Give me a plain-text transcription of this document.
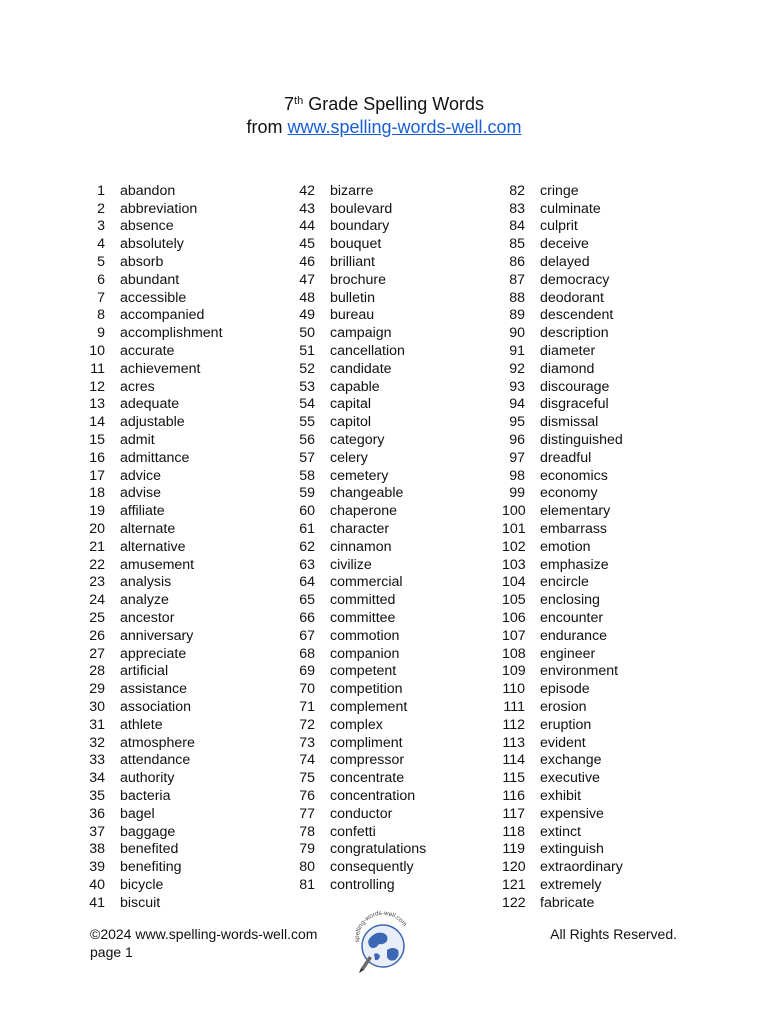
7th Grade Spelling Words
from www.spelling-words-well.com
1	abandon
2	abbreviation
3	absence
4	absolutely
5	absorb
6	abundant
7	accessible
8	accompanied
9	accomplishment
10	accurate
11	achievement
12	acres
13	adequate
14	adjustable
15	admit
16	admittance
17	advice
18	advise
19	affiliate
20	alternate
21	alternative
22	amusement
23	analysis
24	analyze
25	ancestor
26	anniversary
27	appreciate
28	artificial
29	assistance
30	association
31	athlete
32	atmosphere
33	attendance
34	authority
35	bacteria
36	bagel
37	baggage
38	benefited
39	benefiting
40	bicycle
41	biscuit
42	bizarre
43	boulevard
44	boundary
45	bouquet
46	brilliant
47	brochure
48	bulletin
49	bureau
50	campaign
51	cancellation
52	candidate
53	capable
54	capital
55	capitol
56	category
57	celery
58	cemetery
59	changeable
60	chaperone
61	character
62	cinnamon
63	civilize
64	commercial
65	committed
66	committee
67	commotion
68	companion
69	competent
70	competition
71	complement
72	complex
73	compliment
74	compressor
75	concentrate
76	concentration
77	conductor
78	confetti
79	congratulations
80	consequently
81	controlling
82	cringe
83	culminate
84	culprit
85	deceive
86	delayed
87	democracy
88	deodorant
89	descendent
90	description
91	diameter
92	diamond
93	discourage
94	disgraceful
95	dismissal
96	distinguished
97	dreadful
98	economics
99	economy
100	elementary
101	embarrass
102	emotion
103	emphasize
104	encircle
105	enclosing
106	encounter
107	endurance
108	engineer
109	environment
110	episode
111	erosion
112	eruption
113	evident
114	exchange
115	executive
116	exhibit
117	expensive
118	extinct
119	extinguish
120	extraordinary
121	extremely
122	fabricate
©2024 www.spelling-words-well.com
page 1
All Rights Reserved.
spelling-words-well.com
